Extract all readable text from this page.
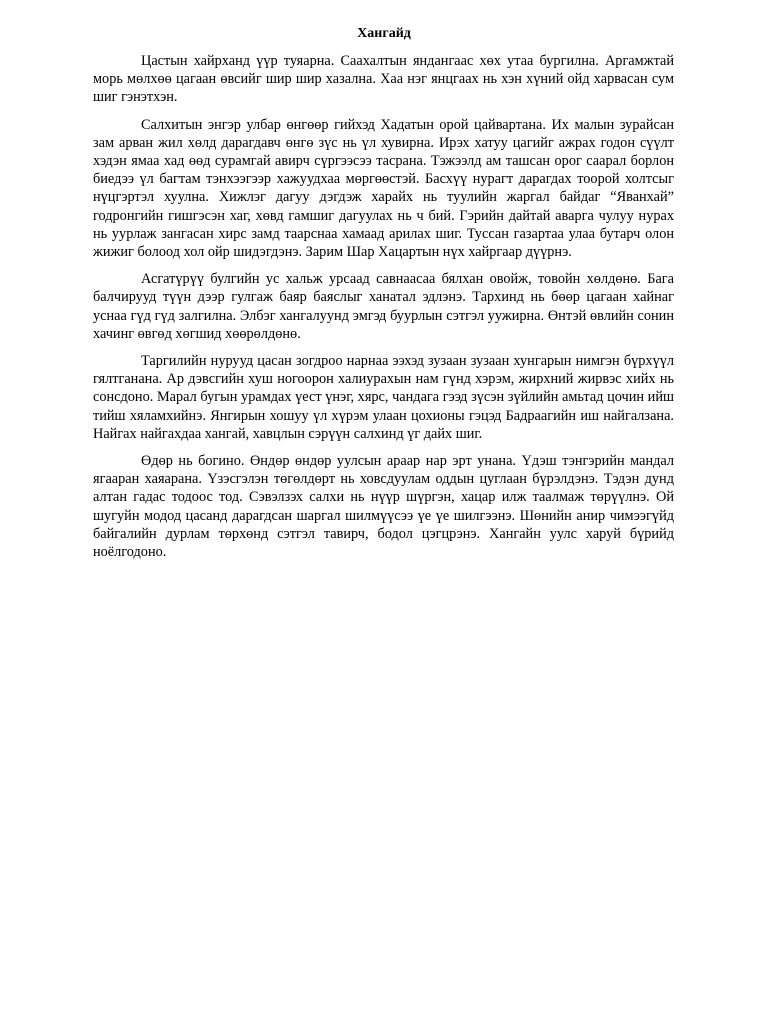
Хангайд

Цастын хайрханд үүр туяарна. Саахалтын яндангаас хөх утаа бургилна. Аргамжтай морь мөлхөө цагаан өвсийг шир шир хазална. Хаа нэг янцгаах нь хэн хүний ойд харвасан сум шиг гэнэтхэн.

Салхитын энгэр улбар өнгөөр гийхэд Хадатын орой цайвартана. Их малын зурайсан зам арван жил хөлд дарагдавч өнгө зүс нь үл хувирна. Ирэх хатуу цагийг ажрах годон сүүлт хэдэн ямаа хад өөд сурамгай авирч сүргээсээ тасрана. Тэжээлд ам ташсан орог саарал борлон биедээ үл багтам тэнхээгээр хажуудхаа мөргөөстэй. Басхүү нурагт дарагдах тоорой холтсыг нүцгэртэл хуулна. Хижлэг дагуу дэгдэж харайх нь туулийн жаргал байдаг “Яванхай” годронгийн гишгэсэн хаг, хөвд гамшиг дагуулах нь ч бий. Гэрийн дайтай аварга чулуу нурах нь уурлаж зангасан хирс замд таарснаа хамаад арилах шиг. Туссан газартаа улаа бутарч олон жижиг болоод хол ойр шидэгдэнэ. Зарим Шар Хацартын нүх хайргаар дүүрнэ.

Асгатүрүү булгийн ус хальж урсаад савнаасаа бялхан овойж, товойн хөлдөнө. Бага балчирууд түүн дээр гулгаж баяр баяслыг ханатал эдлэнэ. Тархинд нь бөөр цагаан хайнаг уснаа гүд гүд залгилна. Элбэг хангалуунд эмгэд буурлын сэтгэл уужирна. Өнтэй өвлийн сонин хачинг өвгөд хөгшид хөөрөлдөнө.

Таргилийн нурууд цасан зогдроо нарнаа ээхэд зузаан зузаан хунгарын нимгэн бүрхүүл гялтганана. Ар дэвсгийн хуш ногоорон халиурахын нам гүнд хэрэм, жирхний жирвэс хийх нь сонсдоно. Марал бугын урамдах үест үнэг, хярс, чандага гээд зүсэн зүйлийн амьтад цочин ийш тийш хяламхийнэ. Янгирын хошуу үл хүрэм улаан цохионы гэцэд Бадраагийн иш найгалзана. Найгах найгахдаа хангай, хавцлын сэрүүн салхинд үг дайх шиг.

Өдөр нь богино. Өндөр өндөр уулсын араар нар эрт унана. Үдэш тэнгэрийн мандал ягааран хаяарана. Үзэсгэлэн төгөлдөрт нь ховсдуулам оддын цуглаан бүрэлдэнэ. Тэдэн дунд алтан гадас тодоос тод. Сэвэлзэх салхи нь нүүр шүргэн, хацар илж таалмаж төрүүлнэ. Ой шугуйн модод цасанд дарагдсан шаргал шилмүүсээ үе үе шилгээнэ. Шөнийн анир чимээгүйд байгалийн дурлам төрхөнд сэтгэл тавирч, бодол цэгцрэнэ. Хангайн уулс харуй бүрийд ноёлгодоно.
